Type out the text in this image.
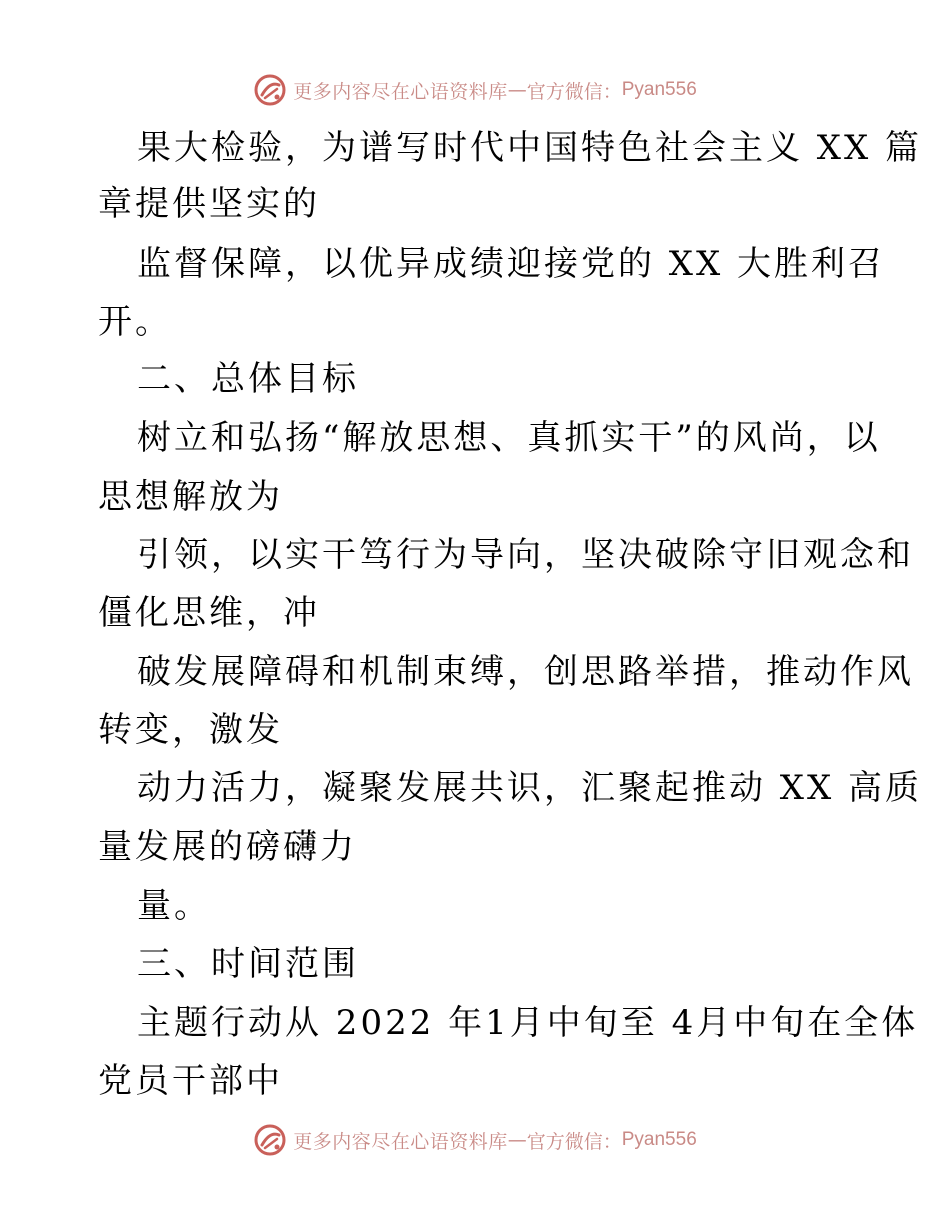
更多内容尽在心语资料库 — 官方微信： Pyan556
果大检验，为谱写时代中国特色社会主义 XX 篇
章提供坚实的
监督保障，以优异成绩迎接党的 XX 大胜利召
开。
二、总体目标
树立和弘扬“解放思想、真抓实干”的风尚，以
思想解放为
引领，以实干笃行为导向，坚决破除守旧观念和
僵化思维，冲
破发展障碍和机制束缚，创思路举措，推动作风
转变，激发
动力活力，凝聚发展共识，汇聚起推动 XX 高质
量发展的磅礴力
量。
三、时间范围
主题行动从 2022 年1月中旬至 4月中旬在全体
党员干部中
更多内容尽在心语资料库 — 官方微信： Pyan556
